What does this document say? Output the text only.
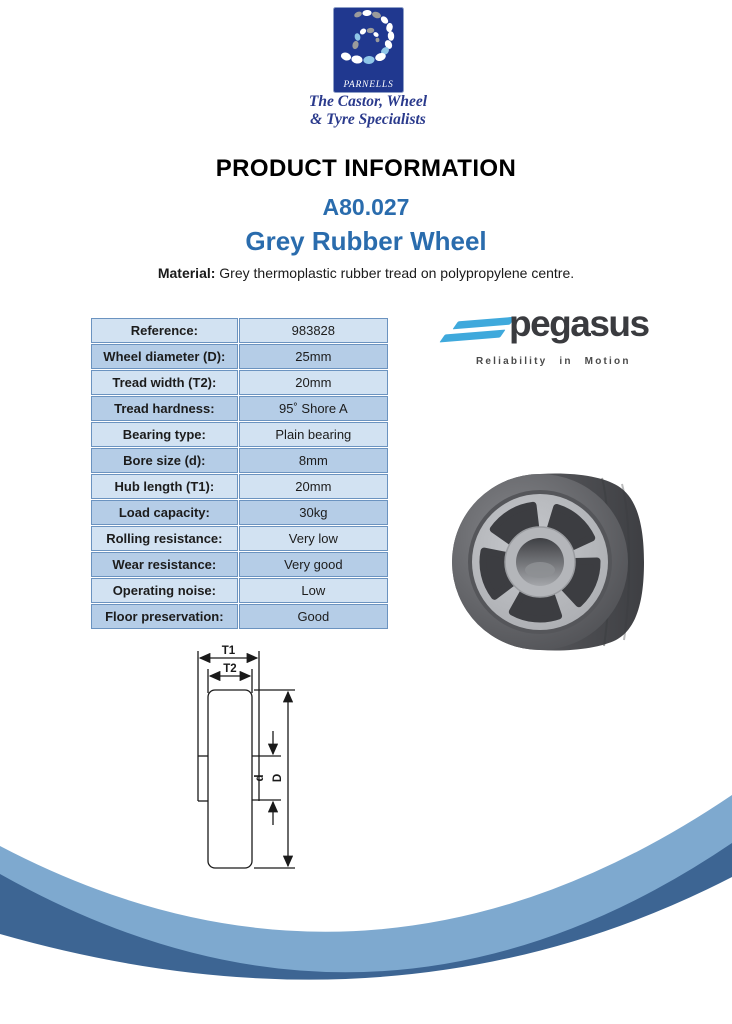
PARNELLS
The Castor, Wheel
& Tyre Specialists
PRODUCT INFORMATION
A80.027
Grey Rubber Wheel
Material: Grey thermoplastic rubber tread on polypropylene centre.
Reference:	983828
Wheel diameter (D):	25mm
Tread width (T2):	20mm
Tread hardness:	95˚ Shore A
Bearing type:	Plain bearing
Bore size (d):	8mm
Hub length (T1):	20mm
Load capacity:	30kg
Rolling resistance:	Very low
Wear resistance:	Very good
Operating noise:	Low
Floor preservation:	Good
pegasus
Reliability in Motion
T1
T2
d D
